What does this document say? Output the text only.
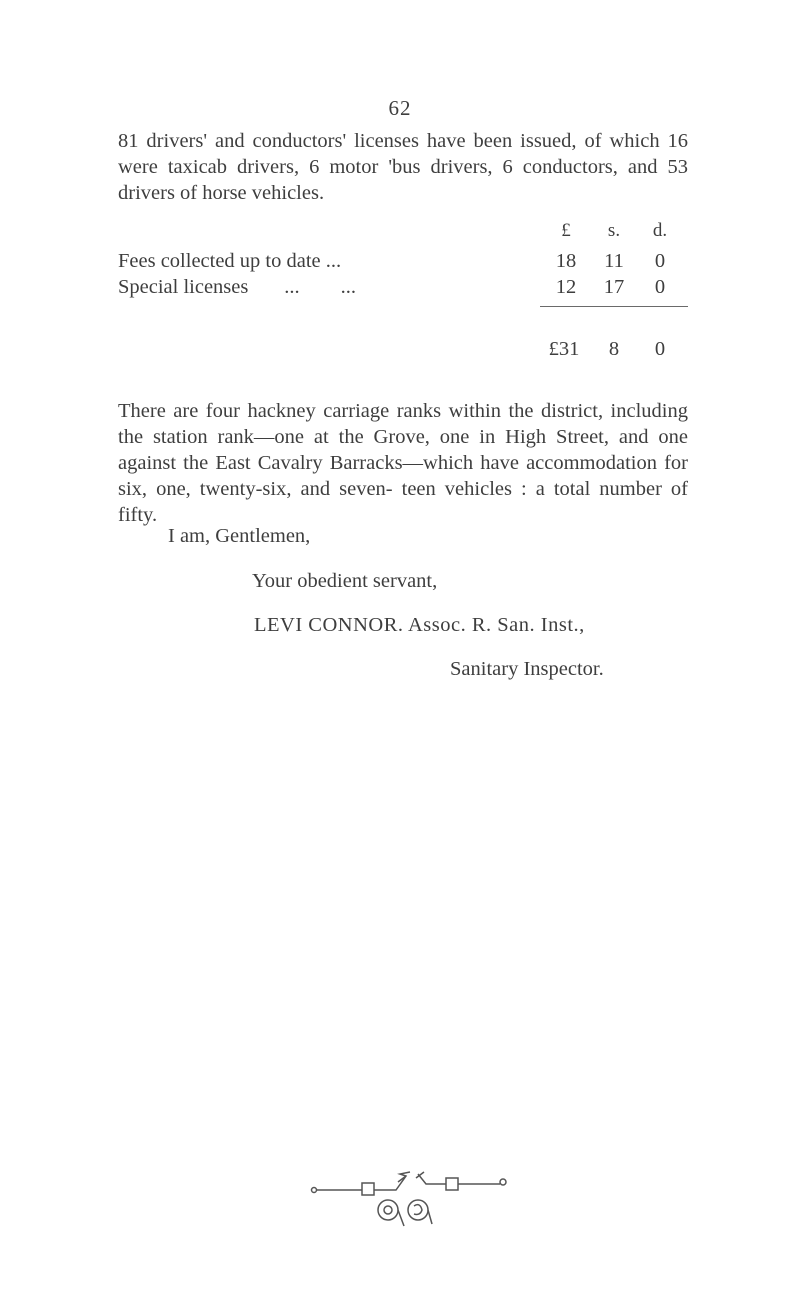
62

81 drivers' and conductors' licenses have been issued, of which 16 were taxicab drivers, 6 motor 'bus drivers, 6 conductors, and 53 drivers of horse vehicles.

£	s.	d.
Fees collected up to date ...	18	11	0
Special licenses       ...        ...	12	17	0
£31	8	0

There are four hackney carriage ranks within the district, including the station rank—one at the Grove, one in High Street, and one against the East Cavalry Barracks—which have accommodation for six, one, twenty-six, and seven- teen vehicles : a total number of fifty.

I am, Gentlemen,
Your obedient servant,
LEVI CONNOR. Assoc. R. San. Inst.,
Sanitary Inspector.
